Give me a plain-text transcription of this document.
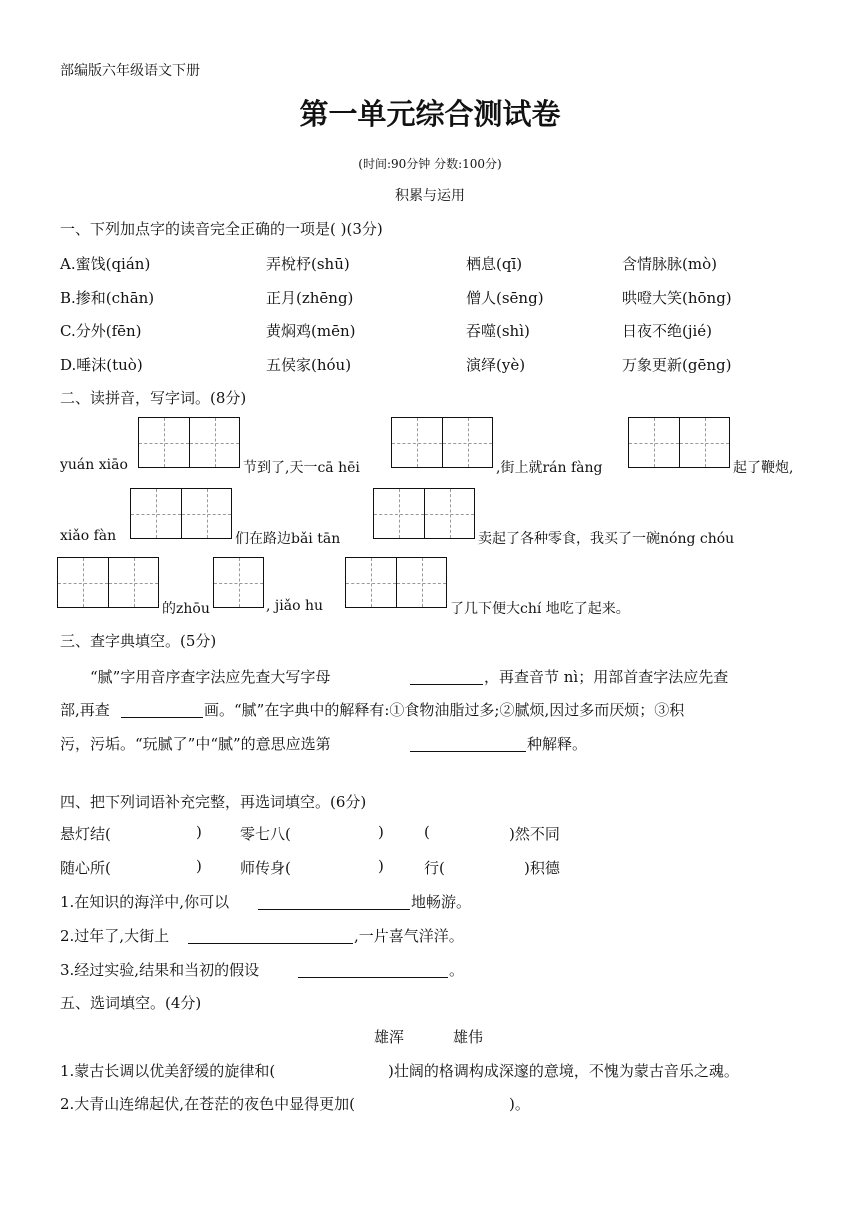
部编版六年级语文下册
第一单元综合测试卷
(时间:90分钟 分数:100分)
积累与运用
一、下列加点字的读音完全正确的一项是( )(3分)
A.蜜饯(qián)	弄梲杼(shū)	栖息(qī)	含情脉脉(mò)
B.掺和(chān)	正月(zhēng)	僧人(sēng)	哄噔大笑(hōng)
C.分外(fēn)	黄焖鸡(mēn)	吞噬(shì)	日夜不绝(jié)
D.唾沫(tuò)	五侯家(hóu)	演绎(yè)	万象更新(gēng)
二、读拼音，写字词。(8分)
yuán xiāo	节到了,天一cā hēi	,街上就rán fàng	起了鞭炮,
xiǎo fàn	们在路边bǎi tān	卖起了各种零食，我买了一碗nóng chóu
的zhōu	, jiǎo hu	了几下便大chí 地吃了起来。
三、查字典填空。(5分)
“腻”字用音序查字法应先查大写字母	，再查音节 nì；用部首查字法应先查
部,再查	画。“腻”在字典中的解释有:①食物油脂过多;②腻烦,因过多而厌烦；③积
污，污垢。“玩腻了”中“腻”的意思应选第	种解释。
四、把下列词语补充完整，再选词填空。(6分)
悬灯结(	)	零七八(	)	(	)然不同
随心所(	)	师传身(	)	行(	)积德
1.在知识的海洋中,你可以	地畅游。
2.过年了,大街上	,一片喜气洋洋。
3.经过实验,结果和当初的假设	。
五、选词填空。(4分)
雄浑	雄伟
1.蒙古长调以优美舒缓的旋律和(	)壮阔的格调构成深邃的意境，不愧为蒙古音乐之魂。
2.大青山连绵起伏,在苍茫的夜色中显得更加(	)。
